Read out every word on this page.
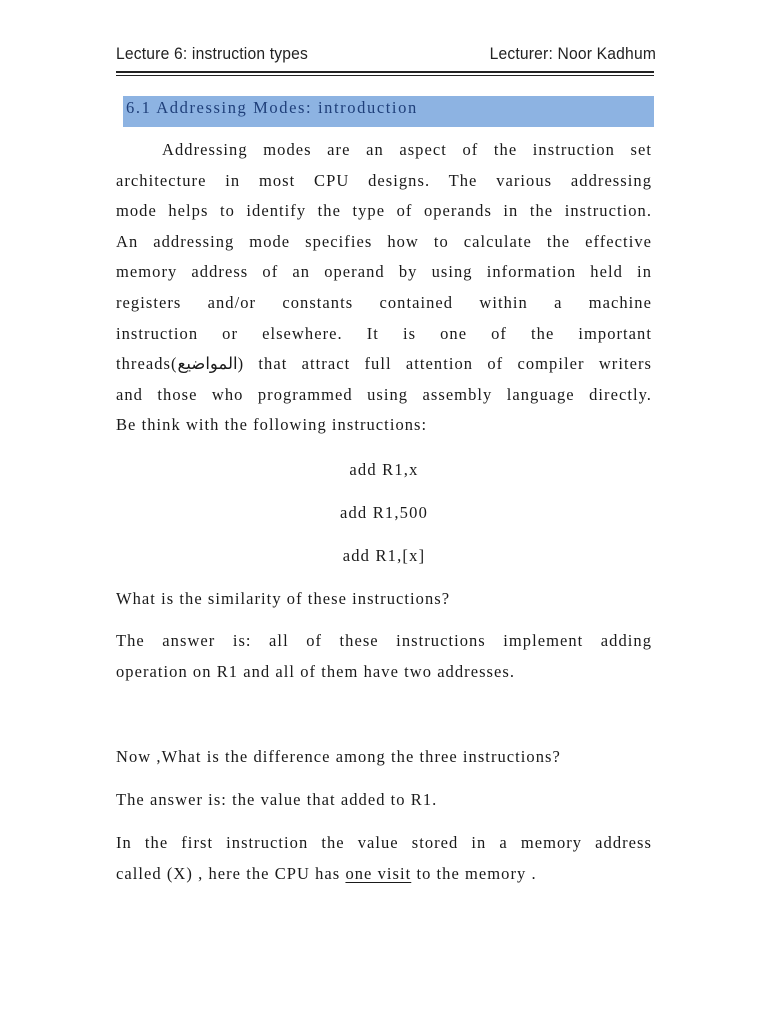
Lecture 6: instruction types	Lecturer: Noor Kadhum
6.1 Addressing Modes: introduction
Addressing modes are an aspect of the instruction set
architecture in most CPU designs. The various addressing
mode helps to identify the type of operands in the instruction.
An addressing mode specifies how to calculate the effective
memory address of an operand by using information held in
registers and/or constants contained within a machine
instruction or elsewhere. It is one of the important
threads(المواضيع) that attract full attention of compiler writers
and those who programmed using assembly language directly.
Be think with the following instructions:
add R1,x
add R1,500
add R1,[x]
What is the similarity of these instructions?
The answer is: all of these instructions implement adding
operation on R1 and all of them have two addresses.
Now ,What is the difference among the three instructions?
The answer is: the value that added to R1.
In the first instruction the value stored in a memory address
called (X) , here the CPU has one visit to the memory .
